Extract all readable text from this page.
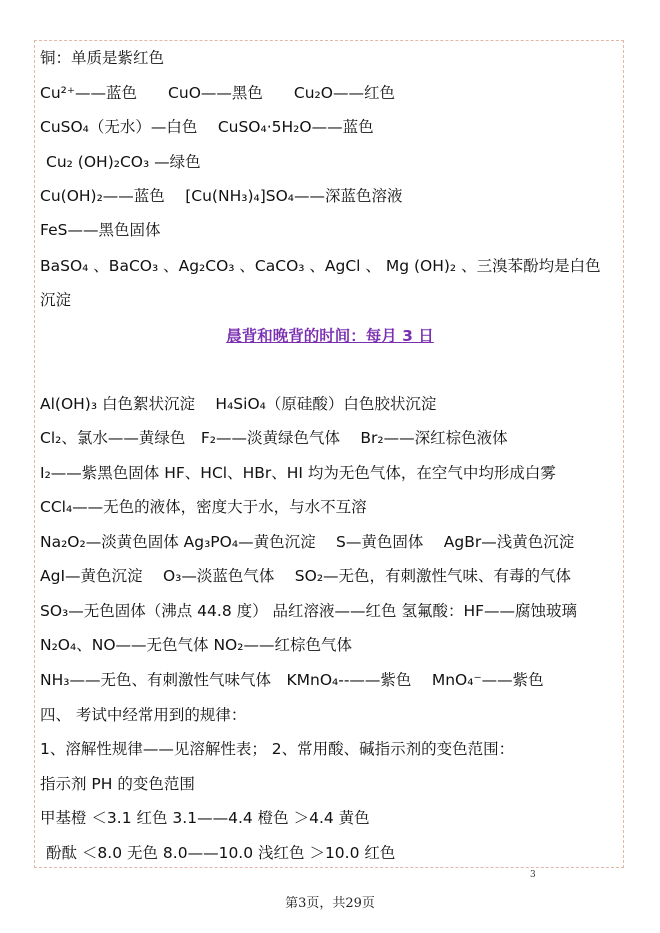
铜：单质是紫红色
Cu²⁺——蓝色　　CuO——黑色　　Cu₂O——红色
CuSO₄（无水）—白色　 CuSO₄·5H₂O——蓝色
Cu₂ (OH)₂CO₃ —绿色
Cu(OH)₂——蓝色　 [Cu(NH₃)₄]SO₄——深蓝色溶液
FeS——黑色固体
BaSO₄ 、BaCO₃ 、Ag₂CO₃ 、CaCO₃ 、AgCl 、 Mg (OH)₂ 、三溴苯酚均是白色
沉淀
晨背和晚背的时间：每月 3 日
Al(OH)₃ 白色絮状沉淀　 H₄SiO₄（原硅酸）白色胶状沉淀
Cl₂、氯水——黄绿色　F₂——淡黄绿色气体　 Br₂——深红棕色液体
I₂——紫黑色固体 HF、HCl、HBr、HI 均为无色气体，在空气中均形成白雾
CCl₄——无色的液体，密度大于水，与水不互溶
Na₂O₂—淡黄色固体 Ag₃PO₄—黄色沉淀　 S—黄色固体　 AgBr—浅黄色沉淀
AgI—黄色沉淀　 O₃—淡蓝色气体　 SO₂—无色，有刺激性气味、有毒的气体
SO₃—无色固体（沸点 44.8 度） 品红溶液——红色 氢氟酸：HF——腐蚀玻璃
N₂O₄、NO——无色气体 NO₂——红棕色气体
NH₃——无色、有刺激性气味气体　KMnO₄--——紫色　 MnO₄⁻——紫色
四、 考试中经常用到的规律：
1、溶解性规律——见溶解性表； 2、常用酸、碱指示剂的变色范围：
指示剂 PH 的变色范围
甲基橙 ＜3.1 红色 3.1——4.4 橙色 ＞4.4 黄色
酚酞 ＜8.0 无色 8.0——10.0 浅红色 ＞10.0 红色
3
第3页，共29页
